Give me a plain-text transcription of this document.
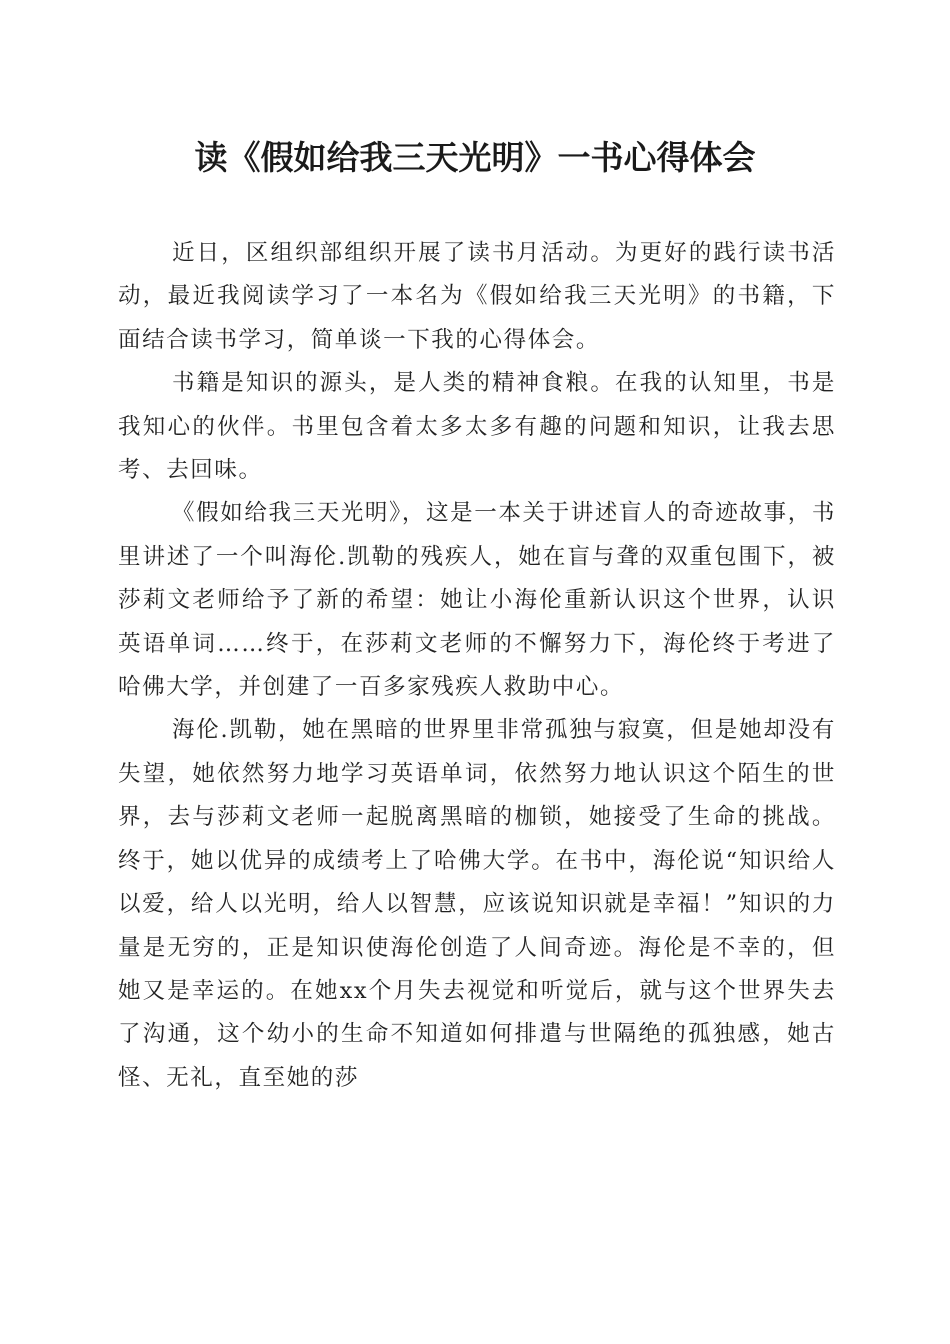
读《假如给我三天光明》一书心得体会

近日，区组织部组织开展了读书月活动。为更好的践行读书活动，最近我阅读学习了一本名为《假如给我三天光明》的书籍，下面结合读书学习，简单谈一下我的心得体会。

书籍是知识的源头，是人类的精神食粮。在我的认知里，书是我知心的伙伴。书里包含着太多太多有趣的问题和知识，让我去思考、去回味。

《假如给我三天光明》，这是一本关于讲述盲人的奇迹故事，书里讲述了一个叫海伦.凯勒的残疾人，她在盲与聋的双重包围下，被莎莉文老师给予了新的希望：她让小海伦重新认识这个世界，认识英语单词……终于，在莎莉文老师的不懈努力下，海伦终于考进了哈佛大学，并创建了一百多家残疾人救助中心。

海伦.凯勒，她在黑暗的世界里非常孤独与寂寞，但是她却没有失望，她依然努力地学习英语单词，依然努力地认识这个陌生的世界，去与莎莉文老师一起脱离黑暗的枷锁，她接受了生命的挑战。终于，她以优异的成绩考上了哈佛大学。在书中，海伦说“知识给人以爱，给人以光明，给人以智慧，应该说知识就是幸福！”知识的力量是无穷的，正是知识使海伦创造了人间奇迹。海伦是不幸的，但她又是幸运的。在她xx个月失去视觉和听觉后，就与这个世界失去了沟通，这个幼小的生命不知道如何排遣与世隔绝的孤独感，她古怪、无礼，直至她的莎
